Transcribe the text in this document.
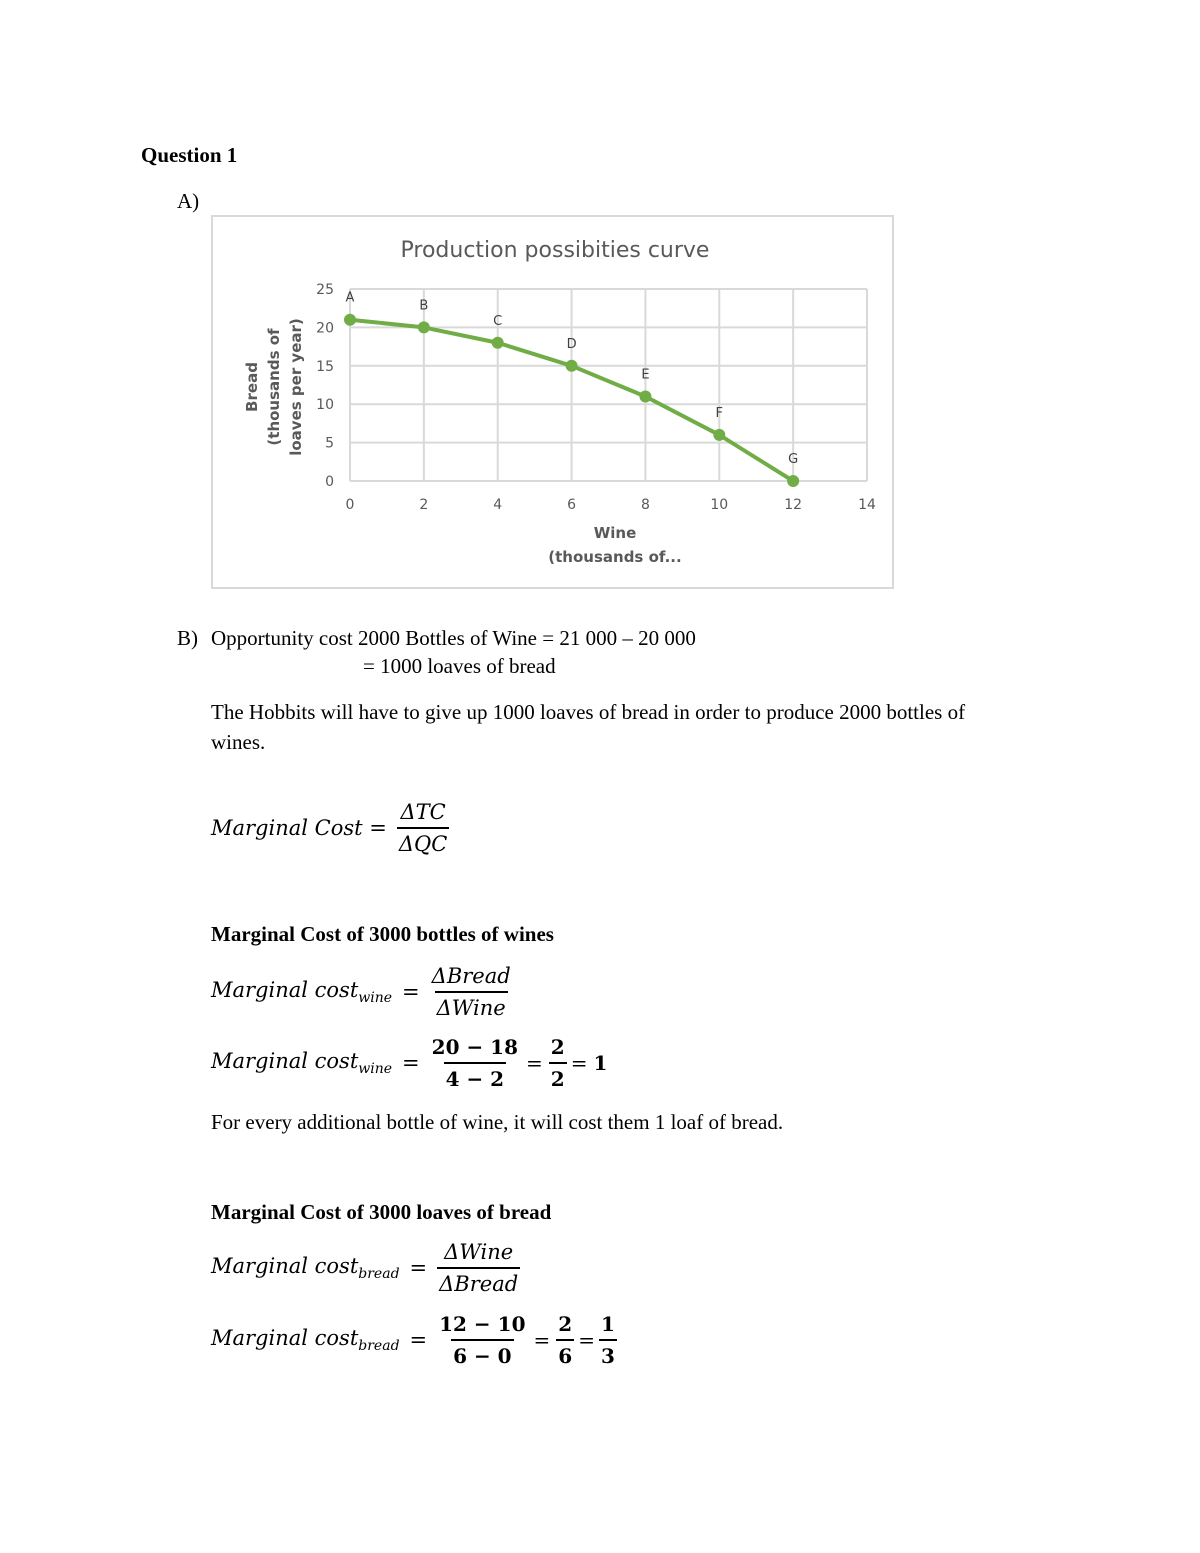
Question 1
A)
0	2	4	6	8	10	12	14
0
5
10
15
20
25
Production possibities curve
Wine
(thousands of...
Bread (thousands of loaves per year)
A
B
C
D
E
F
G
B) Opportunity cost 2000 Bottles of Wine = 21 000 – 20 000
= 1000 loaves of bread
The Hobbits will have to give up 1000 loaves of bread in order to produce 2000 bottles of
wines.
Marginal Cost = $\frac{\text{ΔTC}}{\text{ΔQC}}$
Marginal Cost of 3000 bottles of wines
Marginal $\cos t_{wine} = \frac{\text{ΔBread}}{\text{ΔWine}}$
Marginal $\cos t_{wine} = \frac{20 - 18}{4 - 2} = \frac{2}{2} = 1$
For every additional bottle of wine, it will cost them 1 loaf of bread.
Marginal Cost of 3000 loaves of bread
Marginal $\cos t_{bread} = \frac{\text{ΔWine}}{\text{ΔBread}}$
Marginal $\cos t_{bread} = \frac{12 - 10}{6 - 0} = \frac{2}{6} = \frac{1}{3}$
